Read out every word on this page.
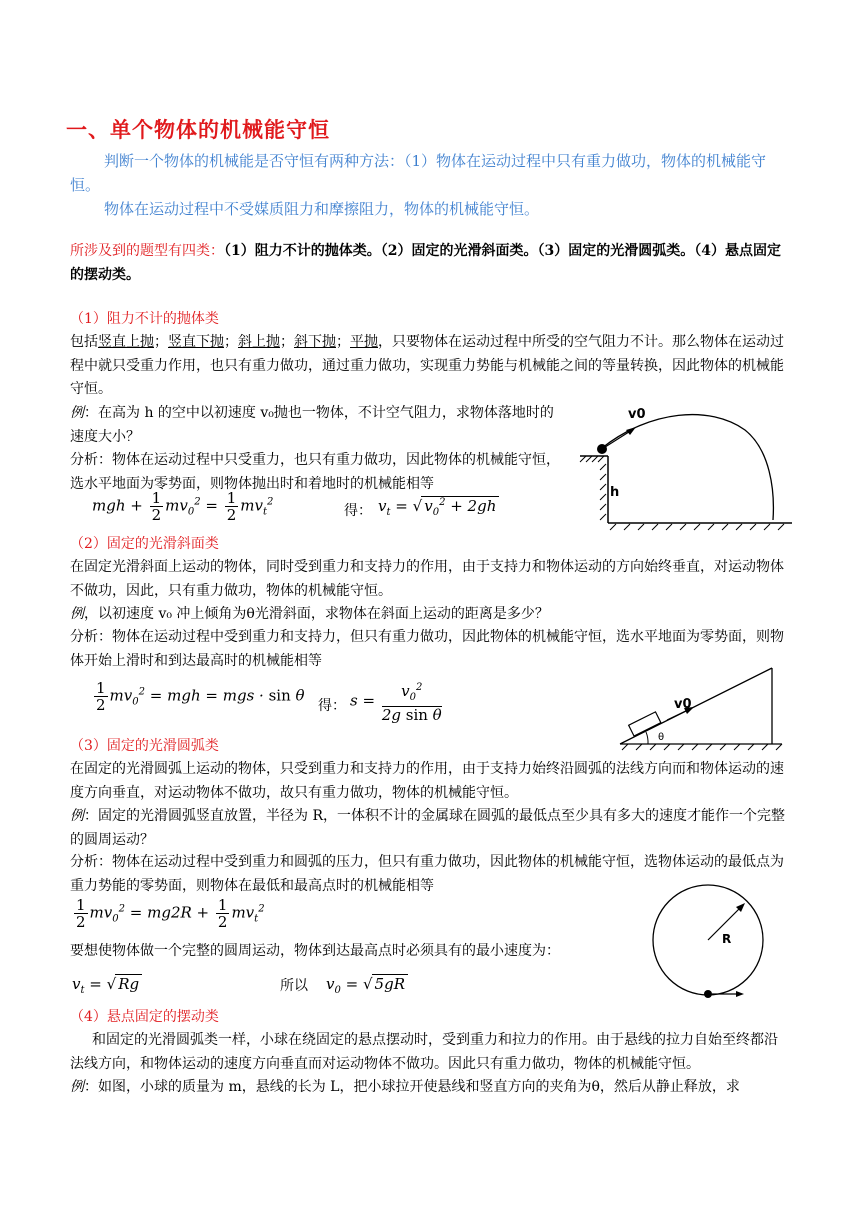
一、单个物体的机械能守恒
判断一个物体的机械能是否守恒有两种方法：（1）物体在运动过程中只有重力做功，物体的机械能守恒。
物体在运动过程中不受媒质阻力和摩擦阻力，物体的机械能守恒。
所涉及到的题型有四类：（1）阻力不计的抛体类。（2）固定的光滑斜面类。（3）固定的光滑圆弧类。（4）悬点固定的摆动类。
（1）阻力不计的抛体类
包括竖直上抛；竖直下抛；斜上抛；斜下抛；平抛，只要物体在运动过程中所受的空气阻力不计。那么物体在运动过程中就只受重力作用，也只有重力做功，通过重力做功，实现重力势能与机械能之间的等量转换，因此物体的机械能守恒。
例：在高为 h 的空中以初速度 v₀抛也一物体，不计空气阻力，求物体落地时的速度大小？
分析：物体在运动过程中只受重力，也只有重力做功，因此物体的机械能守恒，选水平地面为零势面，则物体抛出时和着地时的机械能相等
mgh + $\frac{1}{2} mv_0^2 = \frac{1}{2} mv_t^2$
得： $v_t$ = √ $v_0^2 + 2gh$
v0
h
（2）固定的光滑斜面类
在固定光滑斜面上运动的物体，同时受到重力和支持力的作用，由于支持力和物体运动的方向始终垂直，对运动物体不做功，因此，只有重力做功，物体的机械能守恒。
例，以初速度 v₀ 冲上倾角为θ光滑斜面，求物体在斜面上运动的距离是多少？
分析：物体在运动过程中受到重力和支持力，但只有重力做功，因此物体的机械能守恒，选水平地面为零势面，则物体开始上滑时和到达最高时的机械能相等
$\frac{1}{2} mv_0^2$ = mgh = mgs · sin θ
得： $s = \frac{v_0^2}{\text{2g sin θ}}$	v0
θ
（3）固定的光滑圆弧类
在固定的光滑圆弧上运动的物体，只受到重力和支持力的作用，由于支持力始终沿圆弧的法线方向而和物体运动的速度方向垂直，对运动物体不做功，故只有重力做功，物体的机械能守恒。
例：固定的光滑圆弧竖直放置，半径为 R，一体积不计的金属球在圆弧的最低点至少具有多大的速度才能作一个完整的圆周运动？
分析：物体在运动过程中受到重力和圆弧的压力，但只有重力做功，因此物体的机械能守恒，选物体运动的最低点为重力势能的零势面，则物体在最低和最高点时的机械能相等
$\frac{1}{2} mv_0^2 = mg2R + \frac{1}{2} mv_t^2$
要想使物体做一个完整的圆周运动，物体到达最高点时必须具有的最小速度为：
$v_t$ = √ Rg	所以 $v_0$ = √ 5gR
R
（4）悬点固定的摆动类
和固定的光滑圆弧类一样，小球在绕固定的悬点摆动时，受到重力和拉力的作用。由于悬线的拉力自始至终都沿法线方向，和物体运动的速度方向垂直而对运动物体不做功。因此只有重力做功，物体的机械能守恒。
例：如图，小球的质量为 m，悬线的长为 L，把小球拉开使悬线和竖直方向的夹角为θ，然后从静止释放，求
